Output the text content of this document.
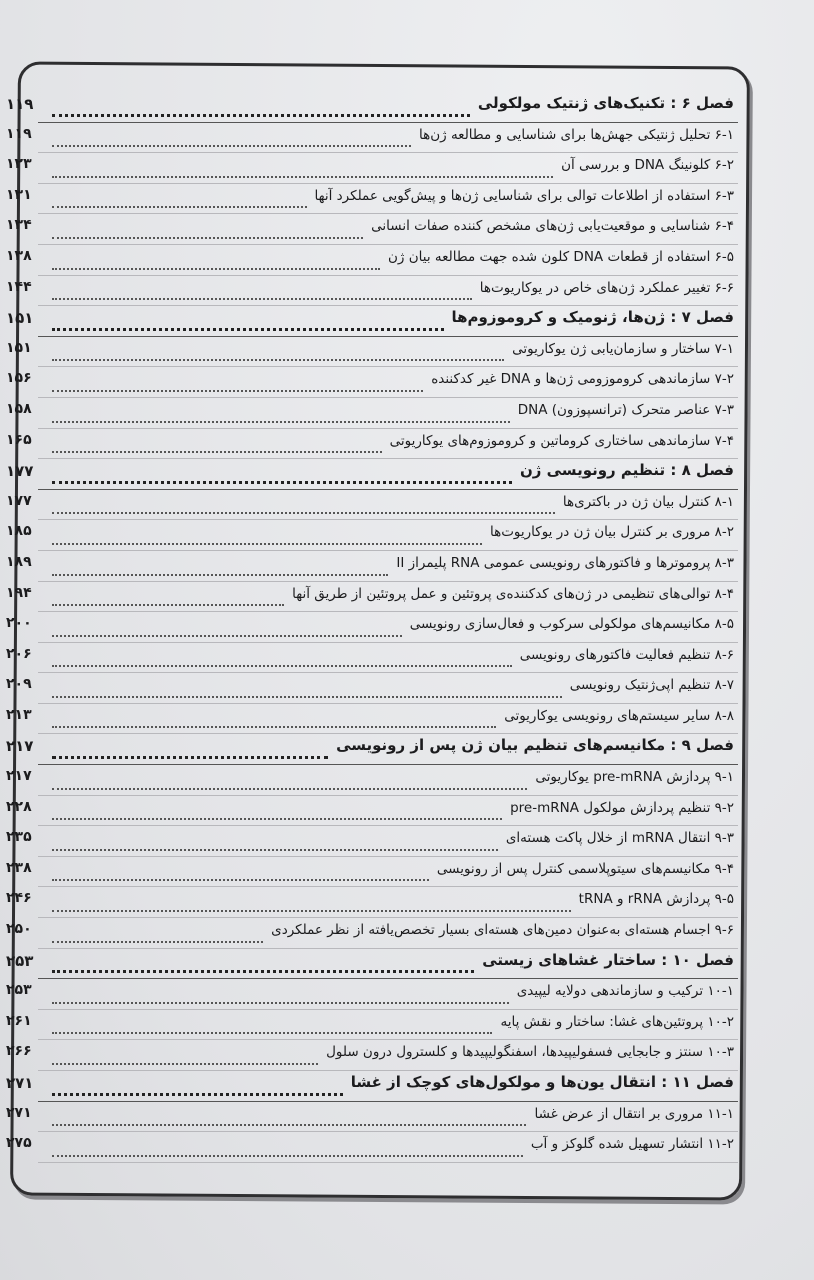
فصل ۶ : تکنیک‌های ژنتیک مولکولی
۱۱۹
۶-۱ تحلیل ژنتیکی جهش‌ها برای شناسایی و مطالعه ژن‌ها
۱۱۹
۶-۲ کلونینگ DNA و بررسی آن
۱۲۳
۶-۳ استفاده از اطلاعات توالی برای شناسایی ژن‌ها و پیش‌گویی عملکرد آنها
۱۳۱
۶-۴ شناسایی و موقعیت‌یابی ژن‌های مشخص کننده صفات انسانی
۱۳۴
۶-۵ استفاده از قطعات DNA کلون شده جهت مطالعه بیان ژن
۱۳۸
۶-۶ تغییر عملکرد ژن‌های خاص در یوکاریوت‌ها
۱۴۴
فصل ۷ : ژن‌ها، ژنومیک و کروموزوم‌ها
۱۵۱
۷-۱ ساختار و سازمان‌یابی ژن یوکاریوتی
۱۵۱
۷-۲ سازماندهی کروموزومی ژن‌ها و DNA غیر کدکننده
۱۵۶
۷-۳ عناصر متحرک (ترانسپوزون) DNA
۱۵۸
۷-۴ سازماندهی ساختاری کروماتین و کروموزوم‌های یوکاریوتی
۱۶۵
فصل ۸ : تنظیم رونویسی ژن
۱۷۷
۸-۱ کنترل بیان ژن در باکتری‌ها
۱۷۷
۸-۲ مروری بر کنترل بیان ژن در یوکاریوت‌ها
۱۸۵
۸-۳ پروموترها و فاکتورهای رونویسی عمومی RNA پلیمراز II
۱۸۹
۸-۴ توالی‌های تنظیمی در ژن‌های کدکننده‌ی پروتئین و عمل پروتئین از طریق آنها
۱۹۴
۸-۵ مکانیسم‌های مولکولی سرکوب و فعال‌سازی رونویسی
۲۰۰
۸-۶ تنظیم فعالیت فاکتورهای رونویسی
۲۰۶
۸-۷ تنظیم اپی‌ژنتیک رونویسی
۲۰۹
۸-۸ سایر سیستم‌های رونویسی یوکاریوتی
۲۱۳
فصل ۹ : مکانیسم‌های تنظیم بیان ژن پس از رونویسی
۲۱۷
۹-۱ پردازش pre-mRNA یوکاریوتی
۲۱۷
۹-۲ تنظیم پردازش مولکول pre-mRNA
۲۲۸
۹-۳ انتقال mRNA از خلال پاکت هسته‌ای
۲۳۵
۹-۴ مکانیسم‌های سیتوپلاسمی کنترل پس از رونویسی
۲۳۸
۹-۵ پردازش rRNA و tRNA
۲۴۶
۹-۶ اجسام هسته‌ای به‌عنوان دمین‌های هسته‌ای بسیار تخصص‌یافته از نظر عملکردی
۲۵۰
فصل ۱۰ : ساختار غشاهای زیستی
۲۵۳
۱۰-۱ ترکیب و سازماندهی دولایه لیپیدی
۲۵۳
۱۰-۲ پروتئین‌های غشا: ساختار و نقش پایه
۲۶۱
۱۰-۳ سنتز و جابجایی فسفولیپیدها، اسفنگولیپیدها و کلسترول درون سلول
۲۶۶
فصل ۱۱ : انتقال یون‌ها و مولکول‌های کوچک از غشا
۲۷۱
۱۱-۱ مروری بر انتقال از عرض غشا
۲۷۱
۱۱-۲ انتشار تسهیل شده گلوکز و آب
۲۷۵
